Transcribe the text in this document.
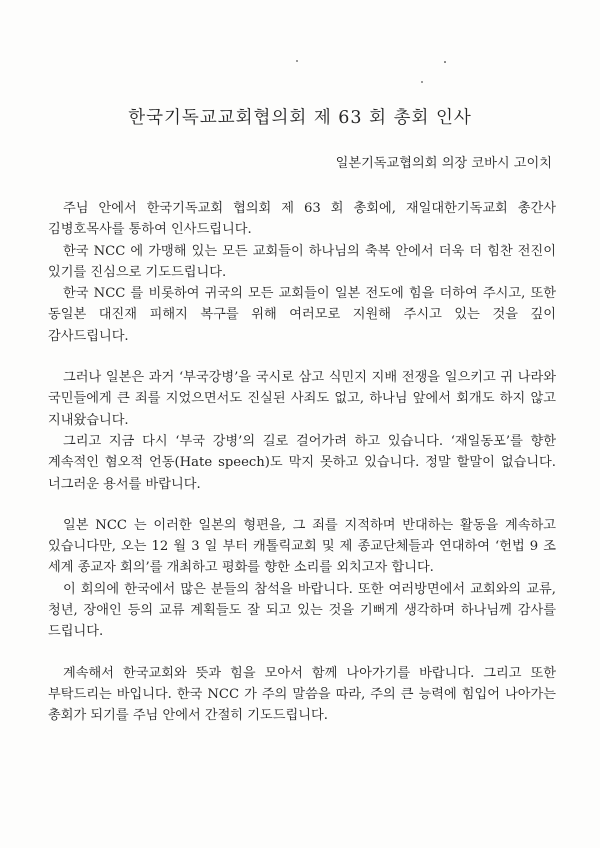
한국기독교교회협의회 제 63 회 총회 인사

일본기독교협의회 의장 코바시 고이치

주님 안에서 한국기독교회 협의회 제 63 회 총회에, 재일대한기독교회 총간사 김병호목사를 통하여 인사드립니다.

한국 NCC 에 가맹해 있는 모든 교회들이 하나님의 축복 안에서 더욱 더 힘찬 전진이 있기를 진심으로 기도드립니다.

한국 NCC 를 비롯하여 귀국의 모든 교회들이 일본 전도에 힘을 더하여 주시고, 또한 동일본 대진재 피해지 복구를 위해 여러모로 지원해 주시고 있는 것을 깊이 감사드립니다.

그러나 일본은 과거 ‘부국강병’을 국시로 삼고 식민지 지배 전쟁을 일으키고 귀 나라와 국민들에게 큰 죄를 지었으면서도 진실된 사죄도 없고, 하나님 앞에서 회개도 하지 않고 지내왔습니다.

그리고 지금 다시 ‘부국 강병’의 길로 걸어가려 하고 있습니다. ‘재일동포’를 향한 계속적인 혐오적 언동(Hate speech)도 막지 못하고 있습니다. 정말 할말이 없습니다. 너그러운 용서를 바랍니다.

일본 NCC 는 이러한 일본의 형편을, 그 죄를 지적하며 반대하는 활동을 계속하고 있습니다만, 오는 12 월 3 일 부터 캐톨릭교회 및 제 종교단체들과 연대하여 ‘헌법 9 조 세계 종교자 회의’를 개최하고 평화를 향한 소리를 외치고자 합니다.

이 회의에 한국에서 많은 분들의 참석을 바랍니다. 또한 여러방면에서 교회와의 교류, 청년, 장애인 등의 교류 계획들도 잘 되고 있는 것을 기뻐게 생각하며 하나님께 감사를 드립니다.

계속해서 한국교회와 뜻과 힘을 모아서 함께 나아가기를 바랍니다. 그리고 또한 부탁드리는 바입니다. 한국 NCC 가 주의 말씀을 따라, 주의 큰 능력에 힘입어 나아가는 총회가 되기를 주님 안에서 간절히 기도드립니다.
